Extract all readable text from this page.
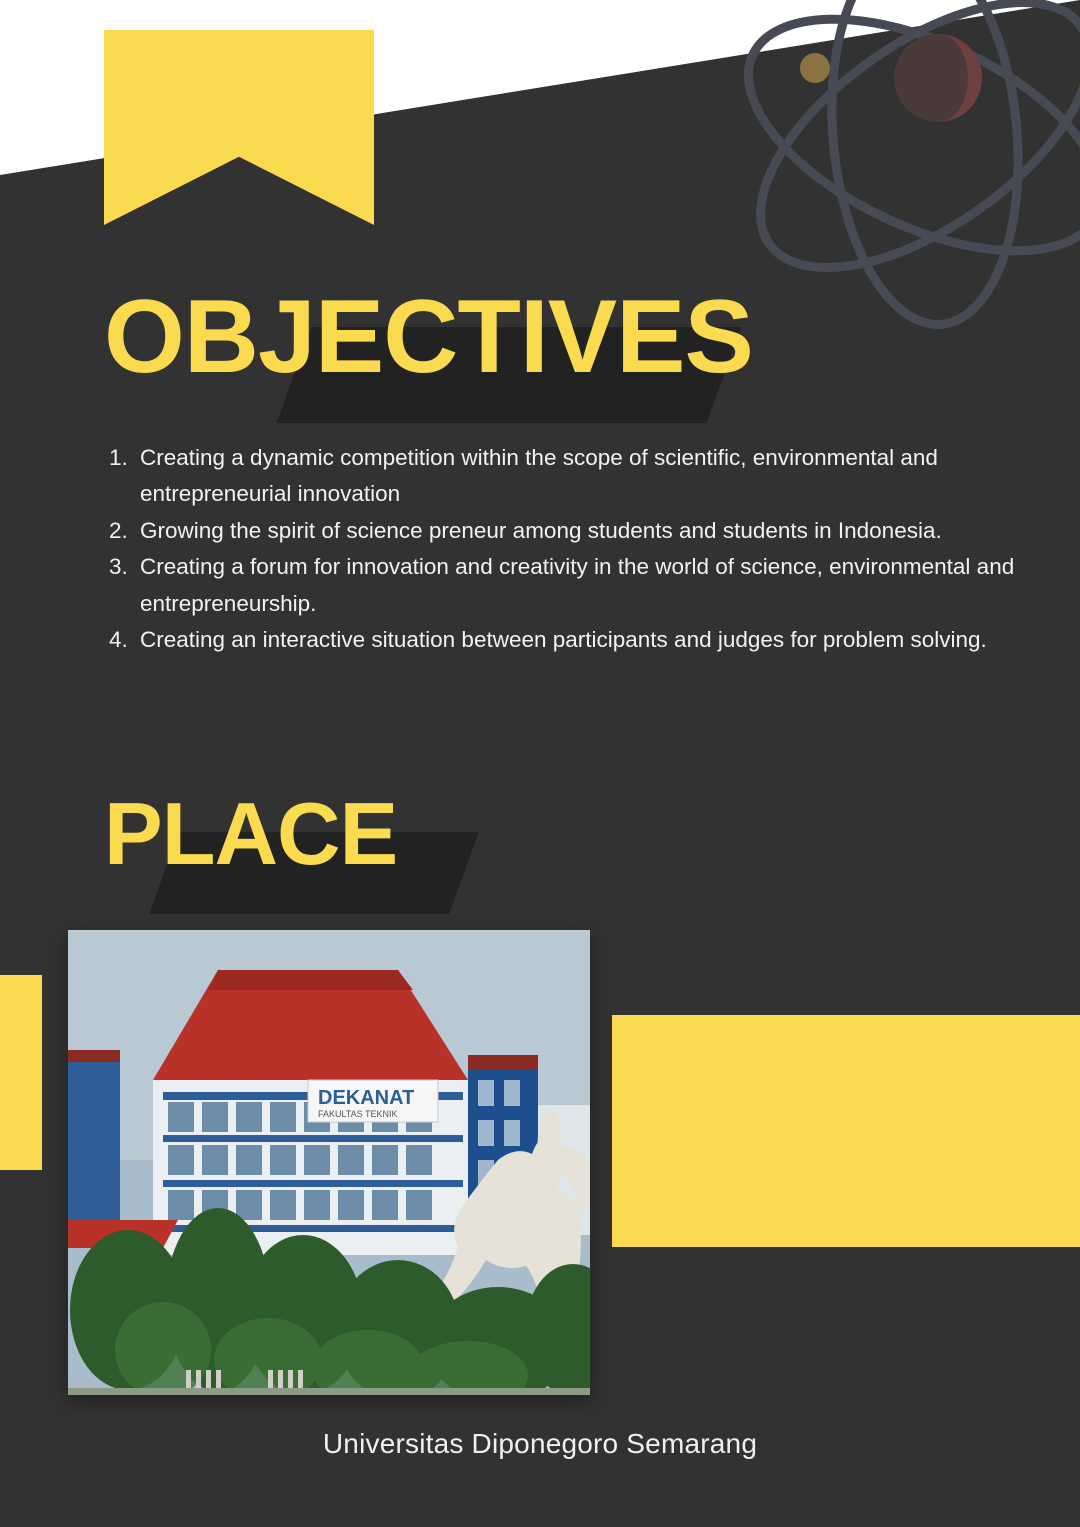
OBJECTIVES
1. Creating a dynamic competition within the scope of scientific, environmental and entrepreneurial innovation
2. Growing the spirit of science preneur among students and students in Indonesia.
3. Creating a forum for innovation and creativity in the world of science, environmental and entrepreneurship.
4. Creating an interactive situation between participants and judges for problem solving.
PLACE
DEKANAT
FAKULTAS TEKNIK
Universitas Diponegoro Semarang
